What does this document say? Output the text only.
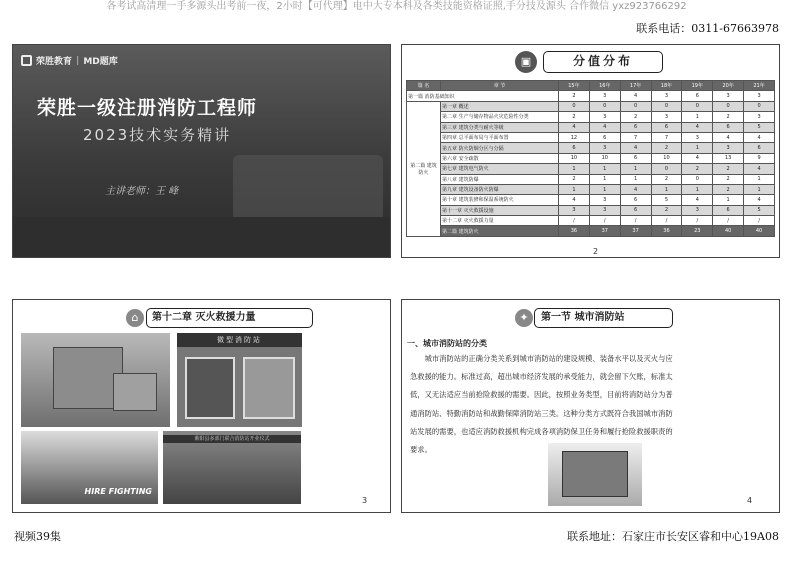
各考试高清理一手多源头出考前一夜，2小时【可代理】电中大专本科及各类技能资格证照,手分技及源头 合作微信 yxz923766292
联系电话：0311-67663978
荣胜教育 | MD题库
荣胜一级注册消防工程师
2023技术实务精讲
主讲老师：王 峰
▣	分值分布
篇 名	章 节	15年	16年	17年	18年	19年	20年	21年
第一篇 消防基础知识		2	3	4	3	6	3	3
第二篇 建筑防火	第一章 概述	0	0	0	0	0	0	0
	第二章 生产与储存物品火灾危险性分类	2	3	2	3	1	2	3
	第三章 建筑分类与耐火等级	4	4	6	6	4	6	5
	第四章 总平面布局与平面布置	12	6	7	7	3	4	4
	第五章 防火防烟分区与分隔	6	3	4	2	1	3	6
	第六章 安全疏散	10	10	6	10	4	13	9
	第七章 建筑电气防火	1	1	1	0	2	2	4
	第八章 建筑防爆	2	1	1	2	0	2	1
	第九章 建筑设备防火防爆	1	1	4	1	1	2	1
	第十章 建筑装修和保温系统防火	4	3	6	5	4	1	4
	第十一章 灭火救援设施	3	3	6	2	3	6	5
	第十二章 灭火救援力量	/	/	/	/	/	/	/
	第二篇 建筑防火	36	37	37	36	23	40	40
2
⌂	第十二章 灭火救援力量
微型消防站
HIRE FIGHTING
紫阳县多部门联合消防站开业仪式
3
✦	第一节 城市消防站
一、城市消防站的分类

城市消防站的正确分类关系到城市消防站的建设规模、装备水平以及灭火与应急救援的能力。标准过高，超出城市经济发展的承受能力，就会留下欠账，标准太低，又无法适应当前抢险救援的需要。因此，按照业务类型，目前将消防站分为普通消防站、特勤消防站和战勤保障消防站三类。这种分类方式既符合我国城市消防站发展的需要，也适应消防救援机构完成各项消防保卫任务和履行抢险救援职责的要求。

4
视频39集	联系地址：石家庄市长安区睿和中心19A08
